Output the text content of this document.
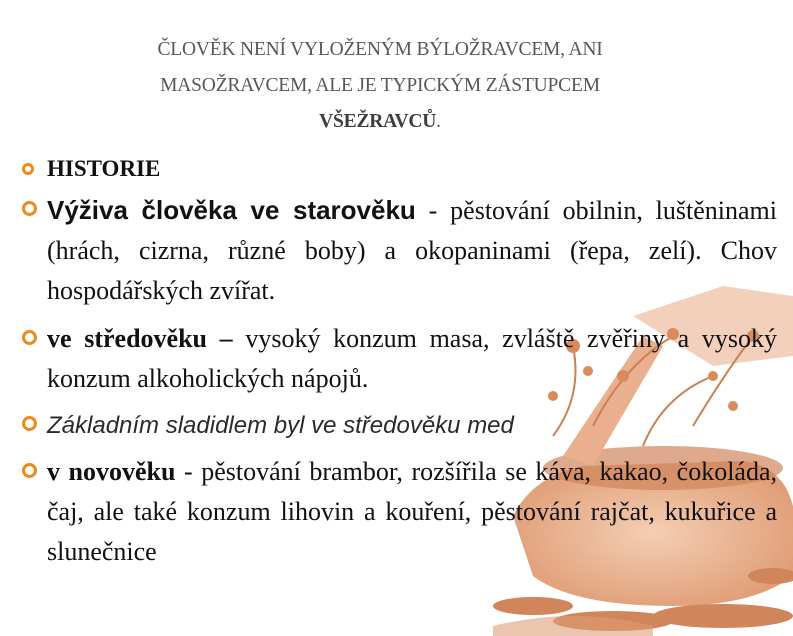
ČLOVĚK NENÍ VYLOŽENÝM BÝLOŽRAVCEM, ANI
MASOŽRAVCEM, ALE JE TYPICKÝM ZÁSTUPCEM
VŠEŽRAVCŮ.
HISTORIE
Výživa člověka ve starověku - pěstování obilnin, luštěninami (hrách, cizrna, různé boby) a okopaninami (řepa, zelí). Chov hospodářských zvířat.
ve středověku – vysoký konzum masa, zvláště zvěřiny a vysoký konzum alkoholických nápojů.
Základním sladidlem byl ve středověku med
v novověku - pěstování brambor, rozšířila se káva, kakao, čokoláda, čaj, ale také konzum lihovin a kouření, pěstování rajčat, kukuřice a slunečnice
